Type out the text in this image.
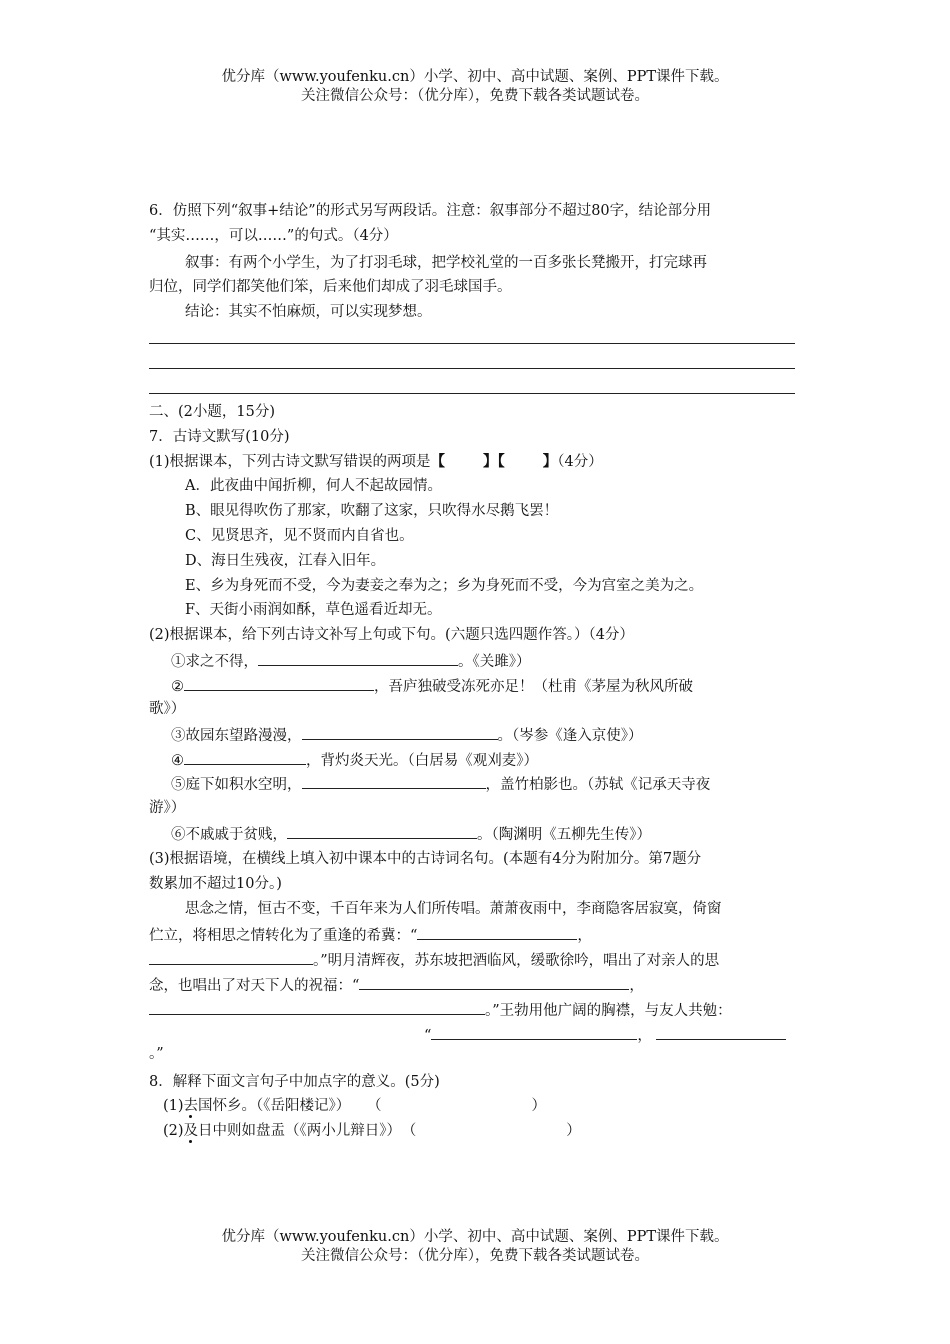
优分库（www.youfenku.cn）小学、初中、高中试题、案例、PPT课件下载。
关注微信公众号：（优分库），免费下载各类试题试卷。
6．仿照下列“叙事+结论”的形式另写两段话。注意：叙事部分不超过80字，结论部分用
“其实……，可以……”的句式。（4分）
叙事：有两个小学生，为了打羽毛球，把学校礼堂的一百多张长凳搬开，打完球再
归位，同学们都笑他们笨，后来他们却成了羽毛球国手。
结论：其实不怕麻烦，可以实现梦想。
二、(2小题，15分)
7．古诗文默写(10分)
(1)根据课本，下列古诗文默写错误的两项是【	】【	】（4分）
A．此夜曲中闻折柳，何人不起故园情。
B、眼见得吹伤了那家，吹翻了这家，只吹得水尽鹅飞罢！
C、见贤思齐，见不贤而内自省也。
D、海日生残夜，江春入旧年。
E、乡为身死而不受，今为妻妾之奉为之；乡为身死而不受，今为宫室之美为之。
F、天街小雨润如酥，草色遥看近却无。
(2)根据课本，给下列古诗文补写上句或下句。(六题只选四题作答。）（4分）
①求之不得，	。《关雎》）
②	，吾庐独破受冻死亦足！（杜甫《茅屋为秋风所破
歌》）
③故园东望路漫漫，	。（岑参《逢入京使》）
④	，背灼炎天光。（白居易《观刈麦》）
⑤庭下如积水空明，	，盖竹柏影也。（苏轼《记承天寺夜
游》）
⑥不戚戚于贫贱，	。（陶渊明《五柳先生传》）
(3)根据语境，在横线上填入初中课本中的古诗词名句。(本题有4分为附加分。第7题分
数累加不超过10分。)
思念之情，恒古不变，千百年来为人们所传唱。萧萧夜雨中，李商隐客居寂寞，倚窗
伫立，将相思之情转化为了重逢的希冀：“	，
。”明月清辉夜，苏东坡把酒临风，缓歌徐吟，唱出了对亲人的思
念，也唱出了对天下人的祝福：“	，
。”王勃用他广阔的胸襟，与友人共勉：
“	，
。”
8．解释下面文言句子中加点字的意义。(5分)
(1)去国怀乡。（《岳阳楼记》） （	）
(2)及日中则如盘盂（《两小儿辩日》） （	）
优分库（www.youfenku.cn）小学、初中、高中试题、案例、PPT课件下载。
关注微信公众号：（优分库），免费下载各类试题试卷。
